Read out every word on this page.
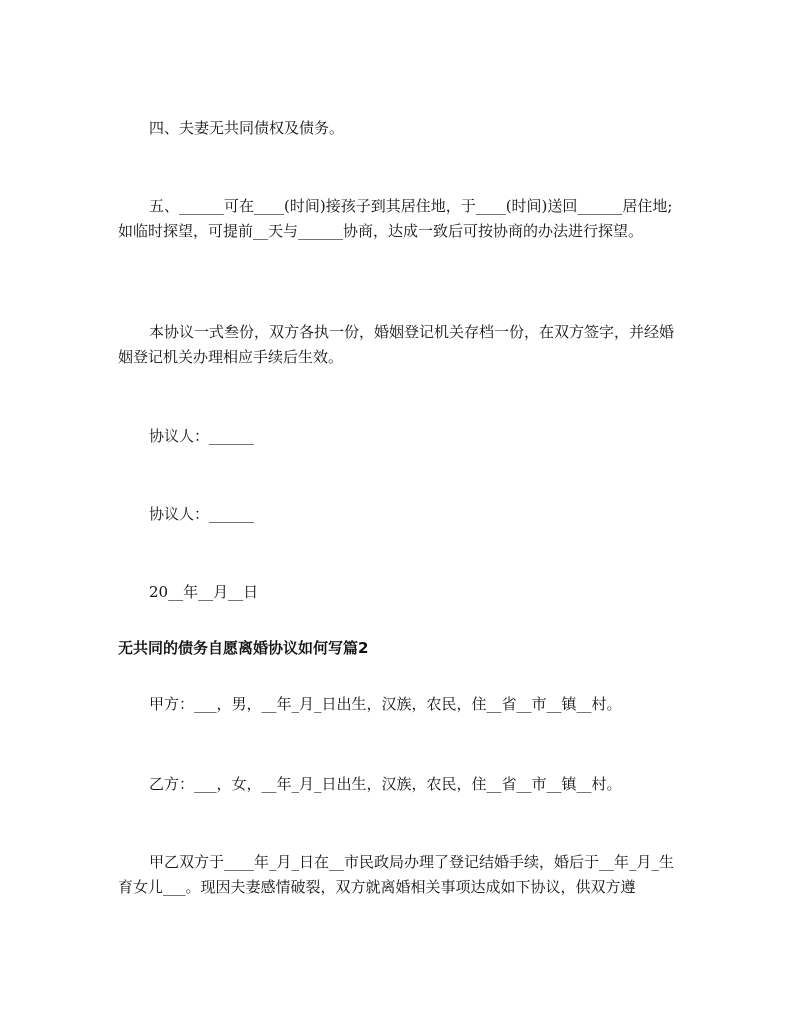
四、夫妻无共同债权及债务。
五、______可在____(时间)接孩子到其居住地，于____(时间)送回______居住地;如临时探望，可提前__天与______协商，达成一致后可按协商的办法进行探望。
本协议一式叁份，双方各执一份，婚姻登记机关存档一份，在双方签字，并经婚姻登记机关办理相应手续后生效。
协议人：______
协议人：______
20__年__月__日
无共同的债务自愿离婚协议如何写篇2
甲方：___，男，__年_月_日出生，汉族，农民，住__省__市__镇__村。
乙方：___，女，__年_月_日出生，汉族，农民，住__省__市__镇__村。
甲乙双方于____年_月_日在__市民政局办理了登记结婚手续，婚后于__年_月_生育女儿___。现因夫妻感情破裂，双方就离婚相关事项达成如下协议，供双方遵
